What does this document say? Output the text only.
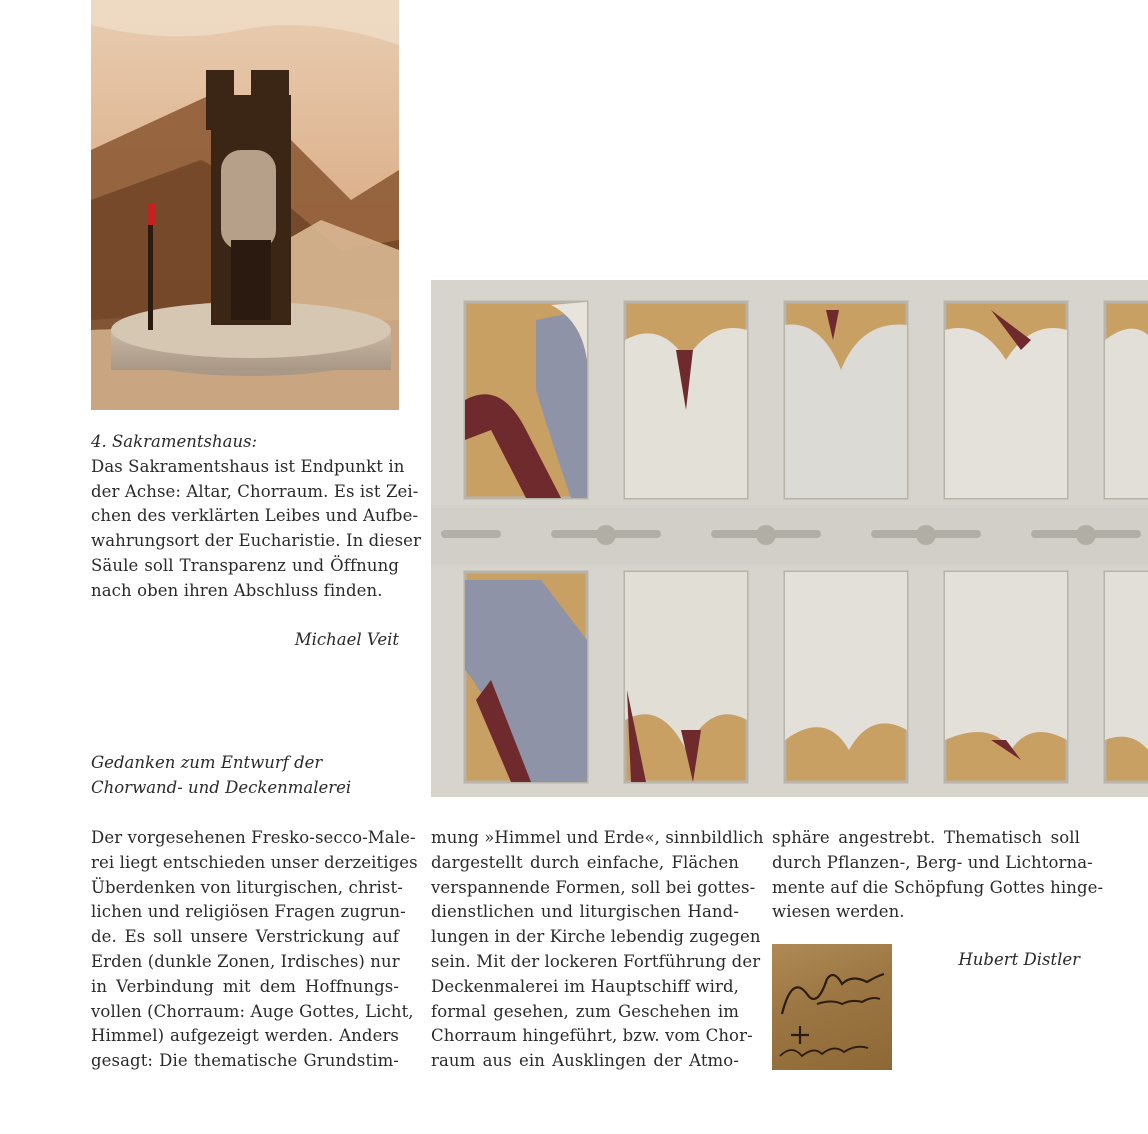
4. Sakramentshaus:
Das Sakramentshaus ist Endpunkt in
der Achse: Altar, Chorraum. Es ist Zei-
chen des verklärten Leibes und Aufbe-
wahrungsort der Eucharistie. In dieser
Säule soll Transparenz und Öffnung
nach oben ihren Abschluss finden.
Michael Veit
Gedanken zum Entwurf der
Chorwand- und Deckenmalerei
Der vorgesehenen Fresko-secco-Male-
rei liegt entschieden unser derzeitiges
Überdenken von liturgischen, christ-
lichen und religiösen Fragen zugrun-
de. Es soll unsere Verstrickung auf
Erden (dunkle Zonen, Irdisches) nur
in Verbindung mit dem Hoffnungs-
vollen (Chorraum: Auge Gottes, Licht,
Himmel) aufgezeigt werden. Anders
gesagt: Die thematische Grundstim-
mung »Himmel und Erde«, sinnbildlich
dargestellt durch einfache, Flächen
verspannende Formen, soll bei gottes-
dienstlichen und liturgischen Hand-
lungen in der Kirche lebendig zugegen
sein. Mit der lockeren Fortführung der
Deckenmalerei im Hauptschiff wird,
formal gesehen, zum Geschehen im
Chorraum hingeführt, bzw. vom Chor-
raum aus ein Ausklingen der Atmo-
sphäre angestrebt. Thematisch soll
durch Pflanzen-, Berg- und Lichtorna-
mente auf die Schöpfung Gottes hinge-
wiesen werden.
Hubert Distler
